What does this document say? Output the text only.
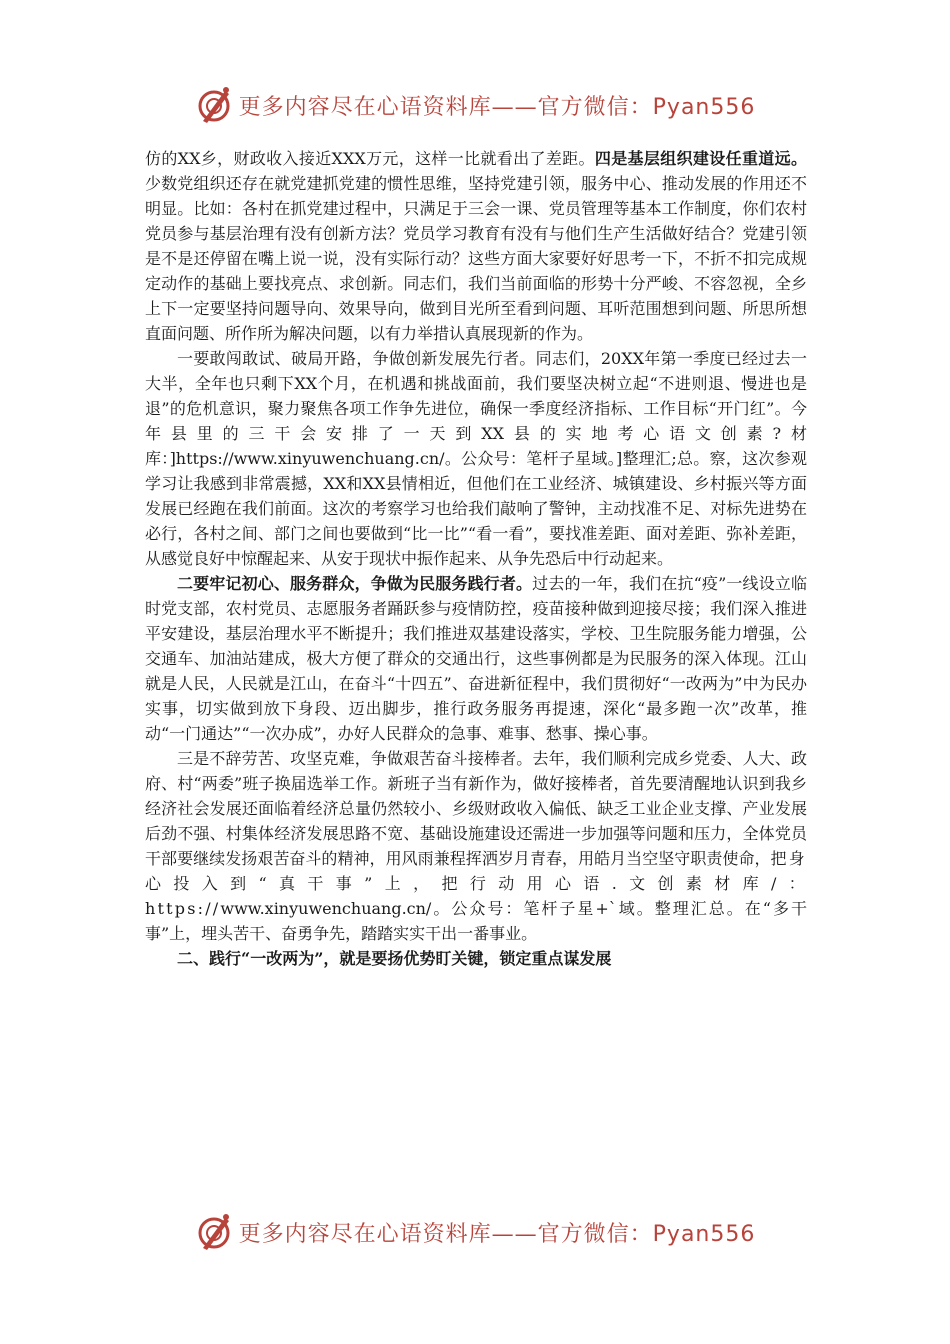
更多内容尽在心语资料库——官方微信：Pyan556

仿的XX乡，财政收入接近XXX万元，这样一比就看出了差距。四是基层组织建设任重道远。少数党组织还存在就党建抓党建的惯性思维，坚持党建引领，服务中心、推动发展的作用还不明显。比如：各村在抓党建过程中，只满足于三会一课、党员管理等基本工作制度，你们农村党员参与基层治理有没有创新方法？党员学习教育有没有与他们生产生活做好结合？党建引领是不是还停留在嘴上说一说，没有实际行动？这些方面大家要好好思考一下，不折不扣完成规定动作的基础上要找亮点、求创新。同志们，我们当前面临的形势十分严峻、不容忽视，全乡上下一定要坚持问题导向、效果导向，做到目光所至看到问题、耳听范围想到问题、所思所想直面问题、所作所为解决问题，以有力举措认真展现新的作为。

一要敢闯敢试、破局开路，争做创新发展先行者。同志们，20XX年第一季度已经过去一大半，全年也只剩下XX个月，在机遇和挑战面前，我们要坚决树立起“不进则退、慢进也是退”的危机意识，聚力聚焦各项工作争先进位，确保一季度经济指标、工作目标“开门红”。今年县里的三干会安排了一天到XX县的实地考心语文创素?材库：]https://www.xinyuwenchuang.cn/。公众号：笔杆子星域。]整理汇;总。察，这次参观学习让我感到非常震撼，XX和XX县情相近，但他们在工业经济、城镇建设、乡村振兴等方面发展已经跑在我们前面。这次的考察学习也给我们敲响了警钟，主动找准不足、对标先进势在必行，各村之间、部门之间也要做到“比一比”“看一看”，要找准差距、面对差距、弥补差距，从感觉良好中惊醒起来、从安于现状中振作起来、从争先恐后中行动起来。

二要牢记初心、服务群众，争做为民服务践行者。过去的一年，我们在抗“疫”一线设立临时党支部，农村党员、志愿服务者踊跃参与疫情防控，疫苗接种做到迎接尽接；我们深入推进平安建设，基层治理水平不断提升；我们推进双基建设落实，学校、卫生院服务能力增强，公交通车、加油站建成，极大方便了群众的交通出行，这些事例都是为民服务的深入体现。江山就是人民，人民就是江山，在奋斗“十四五”、奋进新征程中，我们贯彻好“一改两为”中为民办实事，切实做到放下身段、迈出脚步，推行政务服务再提速，深化“最多跑一次”改革，推动“一门通达”“一次办成”，办好人民群众的急事、难事、愁事、操心事。

三是不辞劳苦、攻坚克难，争做艰苦奋斗接棒者。去年，我们顺利完成乡党委、人大、政府、村“两委”班子换届选举工作。新班子当有新作为，做好接棒者，首先要清醒地认识到我乡经济社会发展还面临着经济总量仍然较小、乡级财政收入偏低、缺乏工业企业支撑、产业发展后劲不强、村集体经济发展思路不宽、基础设施建设还需进一步加强等问题和压力，全体党员干部要继续发扬艰苦奋斗的精神，用风雨兼程挥洒岁月青春，用皓月当空坚守职责使命，把身心投入到“真干事”上，把行动用心语.文创素材库/：https://www.xinyuwenchuang.cn/。公众号：笔杆子星+`域。整理汇总。在“多干事”上，埋头苦干、奋勇争先，踏踏实实干出一番事业。

二、践行“一改两为”，就是要扬优势盯关键，锁定重点谋发展

更多内容尽在心语资料库——官方微信：Pyan556
